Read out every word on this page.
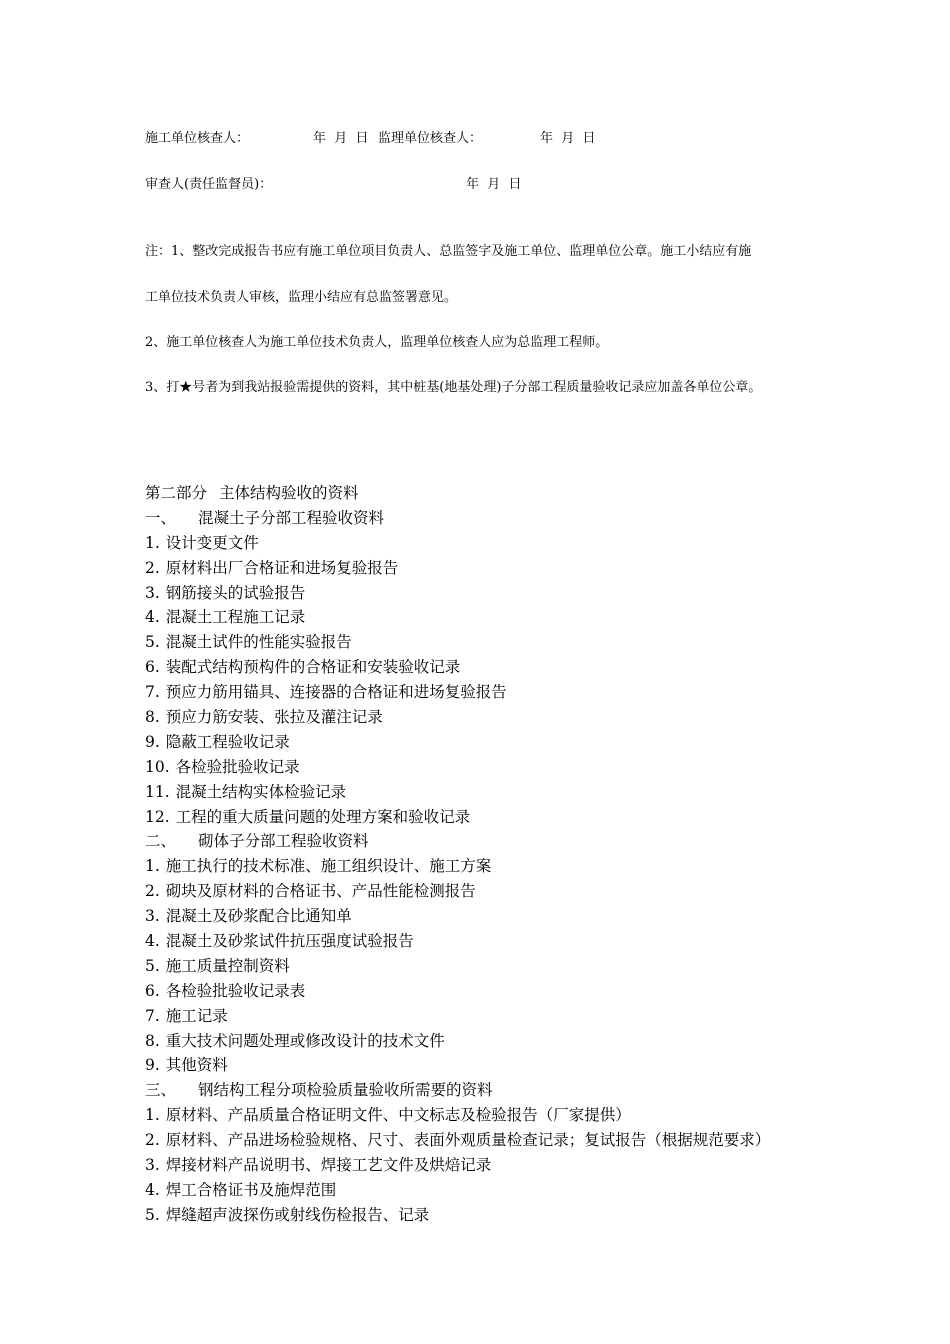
施工单位核查人：	年  月  日 监理单位核查人：	年  月  日
审查人(责任监督员)：	年  月  日
注：1、整改完成报告书应有施工单位项目负责人、总监签字及施工单位、监理单位公章。施工小结应有施
工单位技术负责人审核，监理小结应有总监签署意见。
2、施工单位核查人为施工单位技术负责人，监理单位核查人应为总监理工程师。
3、打★号者为到我站报验需提供的资料，其中桩基(地基处理)子分部工程质量验收记录应加盖各单位公章。
第二部分 主体结构验收的资料
一、 混凝土子分部工程验收资料
1. 设计变更文件
2. 原材料出厂合格证和进场复验报告
3. 钢筋接头的试验报告
4. 混凝土工程施工记录
5. 混凝土试件的性能实验报告
6. 装配式结构预构件的合格证和安装验收记录
7. 预应力筋用锚具、连接器的合格证和进场复验报告
8. 预应力筋安装、张拉及灌注记录
9. 隐蔽工程验收记录
10. 各检验批验收记录
11. 混凝土结构实体检验记录
12. 工程的重大质量问题的处理方案和验收记录
二、 砌体子分部工程验收资料
1. 施工执行的技术标准、施工组织设计、施工方案
2. 砌块及原材料的合格证书、产品性能检测报告
3. 混凝土及砂浆配合比通知单
4. 混凝土及砂浆试件抗压强度试验报告
5. 施工质量控制资料
6. 各检验批验收记录表
7. 施工记录
8. 重大技术问题处理或修改设计的技术文件
9. 其他资料
三、 钢结构工程分项检验质量验收所需要的资料
1. 原材料、产品质量合格证明文件、中文标志及检验报告（厂家提供）
2. 原材料、产品进场检验规格、尺寸、表面外观质量检查记录；复试报告（根据规范要求）
3. 焊接材料产品说明书、焊接工艺文件及烘焙记录
4. 焊工合格证书及施焊范围
5. 焊缝超声波探伤或射线伤检报告、记录
